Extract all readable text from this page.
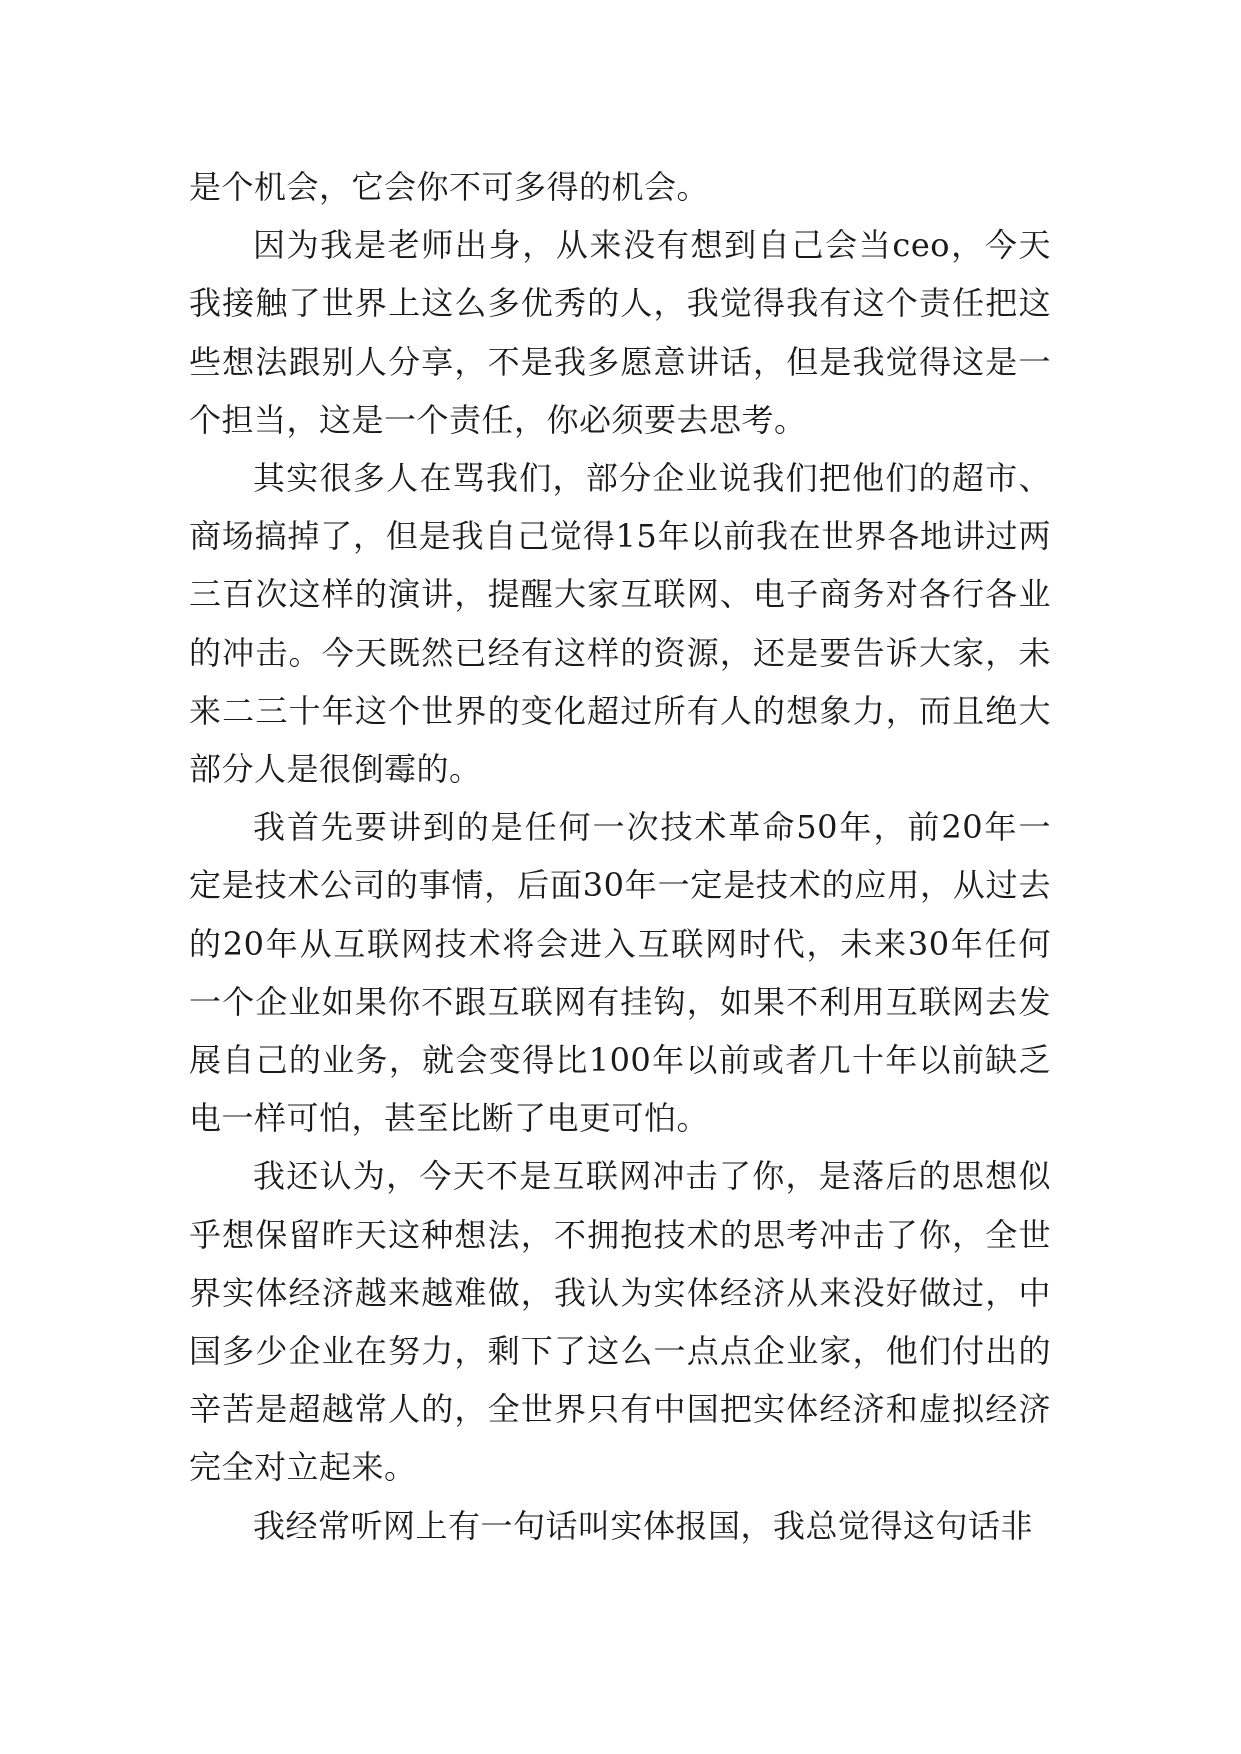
是个机会，它会你不可多得的机会。

因为我是老师出身，从来没有想到自己会当ceo，今天我接触了世界上这么多优秀的人，我觉得我有这个责任把这些想法跟别人分享，不是我多愿意讲话，但是我觉得这是一个担当，这是一个责任，你必须要去思考。

其实很多人在骂我们，部分企业说我们把他们的超市、商场搞掉了，但是我自己觉得15年以前我在世界各地讲过两三百次这样的演讲，提醒大家互联网、电子商务对各行各业的冲击。今天既然已经有这样的资源，还是要告诉大家，未来二三十年这个世界的变化超过所有人的想象力，而且绝大部分人是很倒霉的。

我首先要讲到的是任何一次技术革命50年，前20年一定是技术公司的事情，后面30年一定是技术的应用，从过去的20年从互联网技术将会进入互联网时代，未来30年任何一个企业如果你不跟互联网有挂钩，如果不利用互联网去发展自己的业务，就会变得比100年以前或者几十年以前缺乏电一样可怕，甚至比断了电更可怕。

我还认为，今天不是互联网冲击了你，是落后的思想似乎想保留昨天这种想法，不拥抱技术的思考冲击了你，全世界实体经济越来越难做，我认为实体经济从来没好做过，中国多少企业在努力，剩下了这么一点点企业家，他们付出的辛苦是超越常人的，全世界只有中国把实体经济和虚拟经济完全对立起来。

我经常听网上有一句话叫实体报国，我总觉得这句话非
